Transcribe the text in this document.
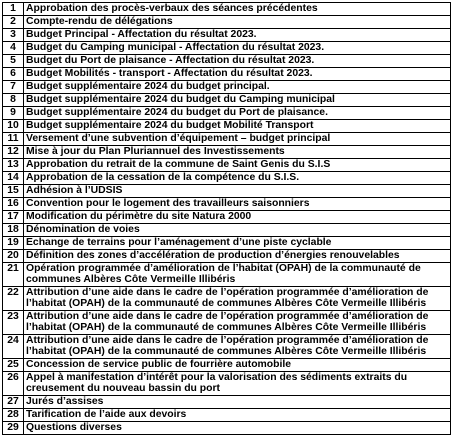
1	Approbation des procès-verbaux des séances précédentes
2	Compte-rendu de délégations
3	Budget Principal - Affectation du résultat 2023.
4	Budget du Camping municipal - Affectation du résultat 2023.
5	Budget du Port de plaisance - Affectation du résultat 2023.
6	Budget Mobilités - transport - Affectation du résultat 2023.
7	Budget supplémentaire 2024 du budget principal.
8	Budget supplémentaire 2024 du budget du Camping municipal
9	Budget supplémentaire 2024 du budget du Port de plaisance.
10	Budget supplémentaire 2024 du budget Mobilité Transport
11	Versement d’une subvention d’équipement – budget principal
12	Mise à jour du Plan Pluriannuel des Investissements
13	Approbation du retrait de la commune de Saint Genis du S.I.S
14	Approbation de la cessation de la compétence du S.I.S.
15	Adhésion à l’UDSIS
16	Convention pour le logement des travailleurs saisonniers
17	Modification du périmètre du site Natura 2000
18	Dénomination de voies
19	Echange de terrains pour l’aménagement d’une piste cyclable
20	Définition des zones d’accélération de production d’énergies renouvelables
21	Opération programmée d’amélioration de l’habitat (OPAH) de la communauté de communes Albères Côte Vermeille Illibéris
22	Attribution d’une aide dans le cadre de l’opération programmée d’amélioration de l’habitat (OPAH) de la communauté de communes Albères Côte Vermeille Illibéris
23	Attribution d’une aide dans le cadre de l’opération programmée d’amélioration de l’habitat (OPAH) de la communauté de communes Albères Côte Vermeille Illibéris
24	Attribution d’une aide dans le cadre de l’opération programmée d’amélioration de l’habitat (OPAH) de la communauté de communes Albères Côte Vermeille Illibéris
25	Concession de service public de fourrière automobile
26	Appel à manifestation d’intérêt pour la valorisation des sédiments extraits du creusement du nouveau bassin du port
27	Jurés d’assises
28	Tarification de l’aide aux devoirs
29	Questions diverses
